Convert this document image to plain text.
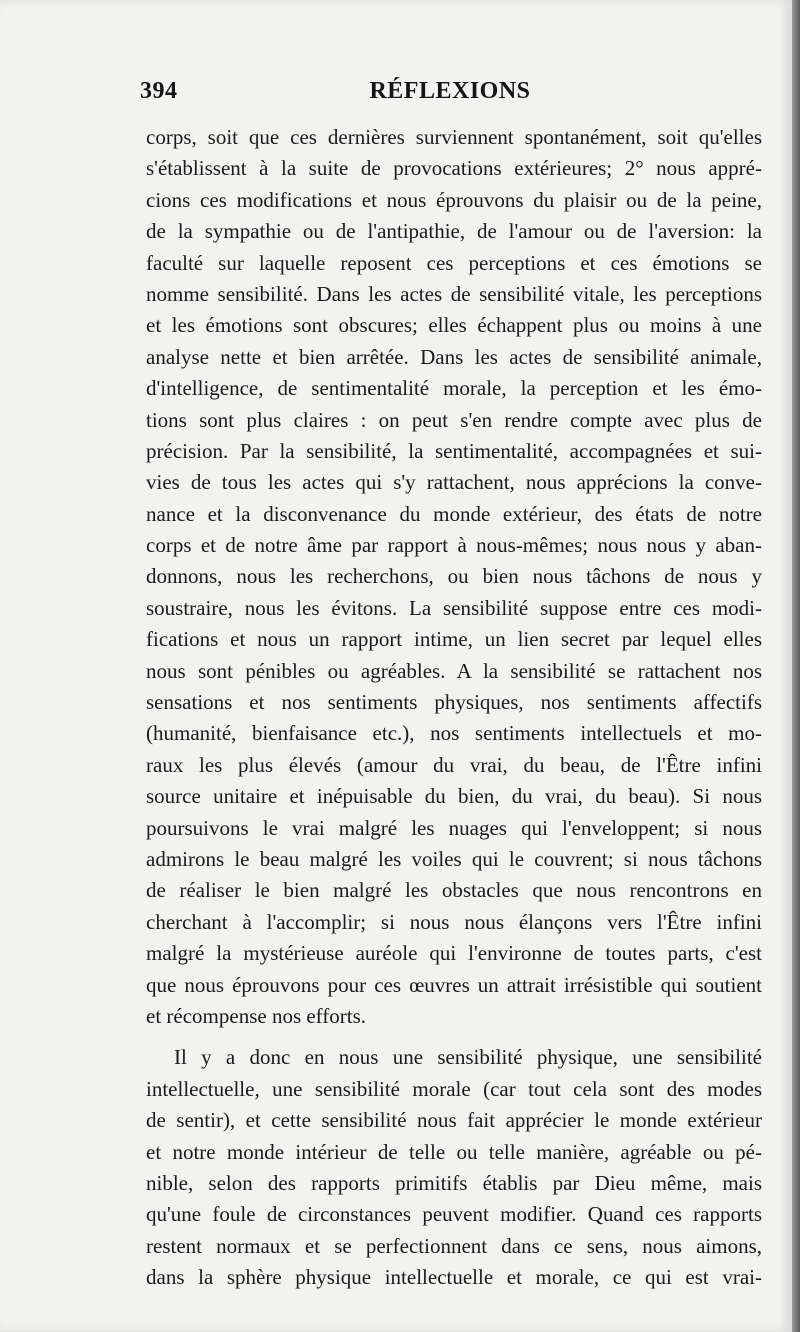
394	RÉFLEXIONS
corps, soit que ces dernières surviennent spontanément, soit qu'elles
s'établissent à la suite de provocations extérieures; 2° nous appré-
cions ces modifications et nous éprouvons du plaisir ou de la peine,
de la sympathie ou de l'antipathie, de l'amour ou de l'aversion: la
faculté sur laquelle reposent ces perceptions et ces émotions se
nomme sensibilité. Dans les actes de sensibilité vitale, les perceptions
et les émotions sont obscures; elles échappent plus ou moins à une
analyse nette et bien arrêtée. Dans les actes de sensibilité animale,
d'intelligence, de sentimentalité morale, la perception et les émo-
tions sont plus claires : on peut s'en rendre compte avec plus de
précision. Par la sensibilité, la sentimentalité, accompagnées et sui-
vies de tous les actes qui s'y rattachent, nous apprécions la conve-
nance et la disconvenance du monde extérieur, des états de notre
corps et de notre âme par rapport à nous-mêmes; nous nous y aban-
donnons, nous les recherchons, ou bien nous tâchons de nous y
soustraire, nous les évitons. La sensibilité suppose entre ces modi-
fications et nous un rapport intime, un lien secret par lequel elles
nous sont pénibles ou agréables. A la sensibilité se rattachent nos
sensations et nos sentiments physiques, nos sentiments affectifs
(humanité, bienfaisance etc.), nos sentiments intellectuels et mo-
raux les plus élevés (amour du vrai, du beau, de l'Être infini
source unitaire et inépuisable du bien, du vrai, du beau). Si nous
poursuivons le vrai malgré les nuages qui l'enveloppent; si nous
admirons le beau malgré les voiles qui le couvrent; si nous tâchons
de réaliser le bien malgré les obstacles que nous rencontrons en
cherchant à l'accomplir; si nous nous élançons vers l'Être infini
malgré la mystérieuse auréole qui l'environne de toutes parts, c'est
que nous éprouvons pour ces œuvres un attrait irrésistible qui soutient
et récompense nos efforts.
Il y a donc en nous une sensibilité physique, une sensibilité
intellectuelle, une sensibilité morale (car tout cela sont des modes
de sentir), et cette sensibilité nous fait apprécier le monde extérieur
et notre monde intérieur de telle ou telle manière, agréable ou pé-
nible, selon des rapports primitifs établis par Dieu même, mais
qu'une foule de circonstances peuvent modifier. Quand ces rapports
restent normaux et se perfectionnent dans ce sens, nous aimons,
dans la sphère physique intellectuelle et morale, ce qui est vrai-
